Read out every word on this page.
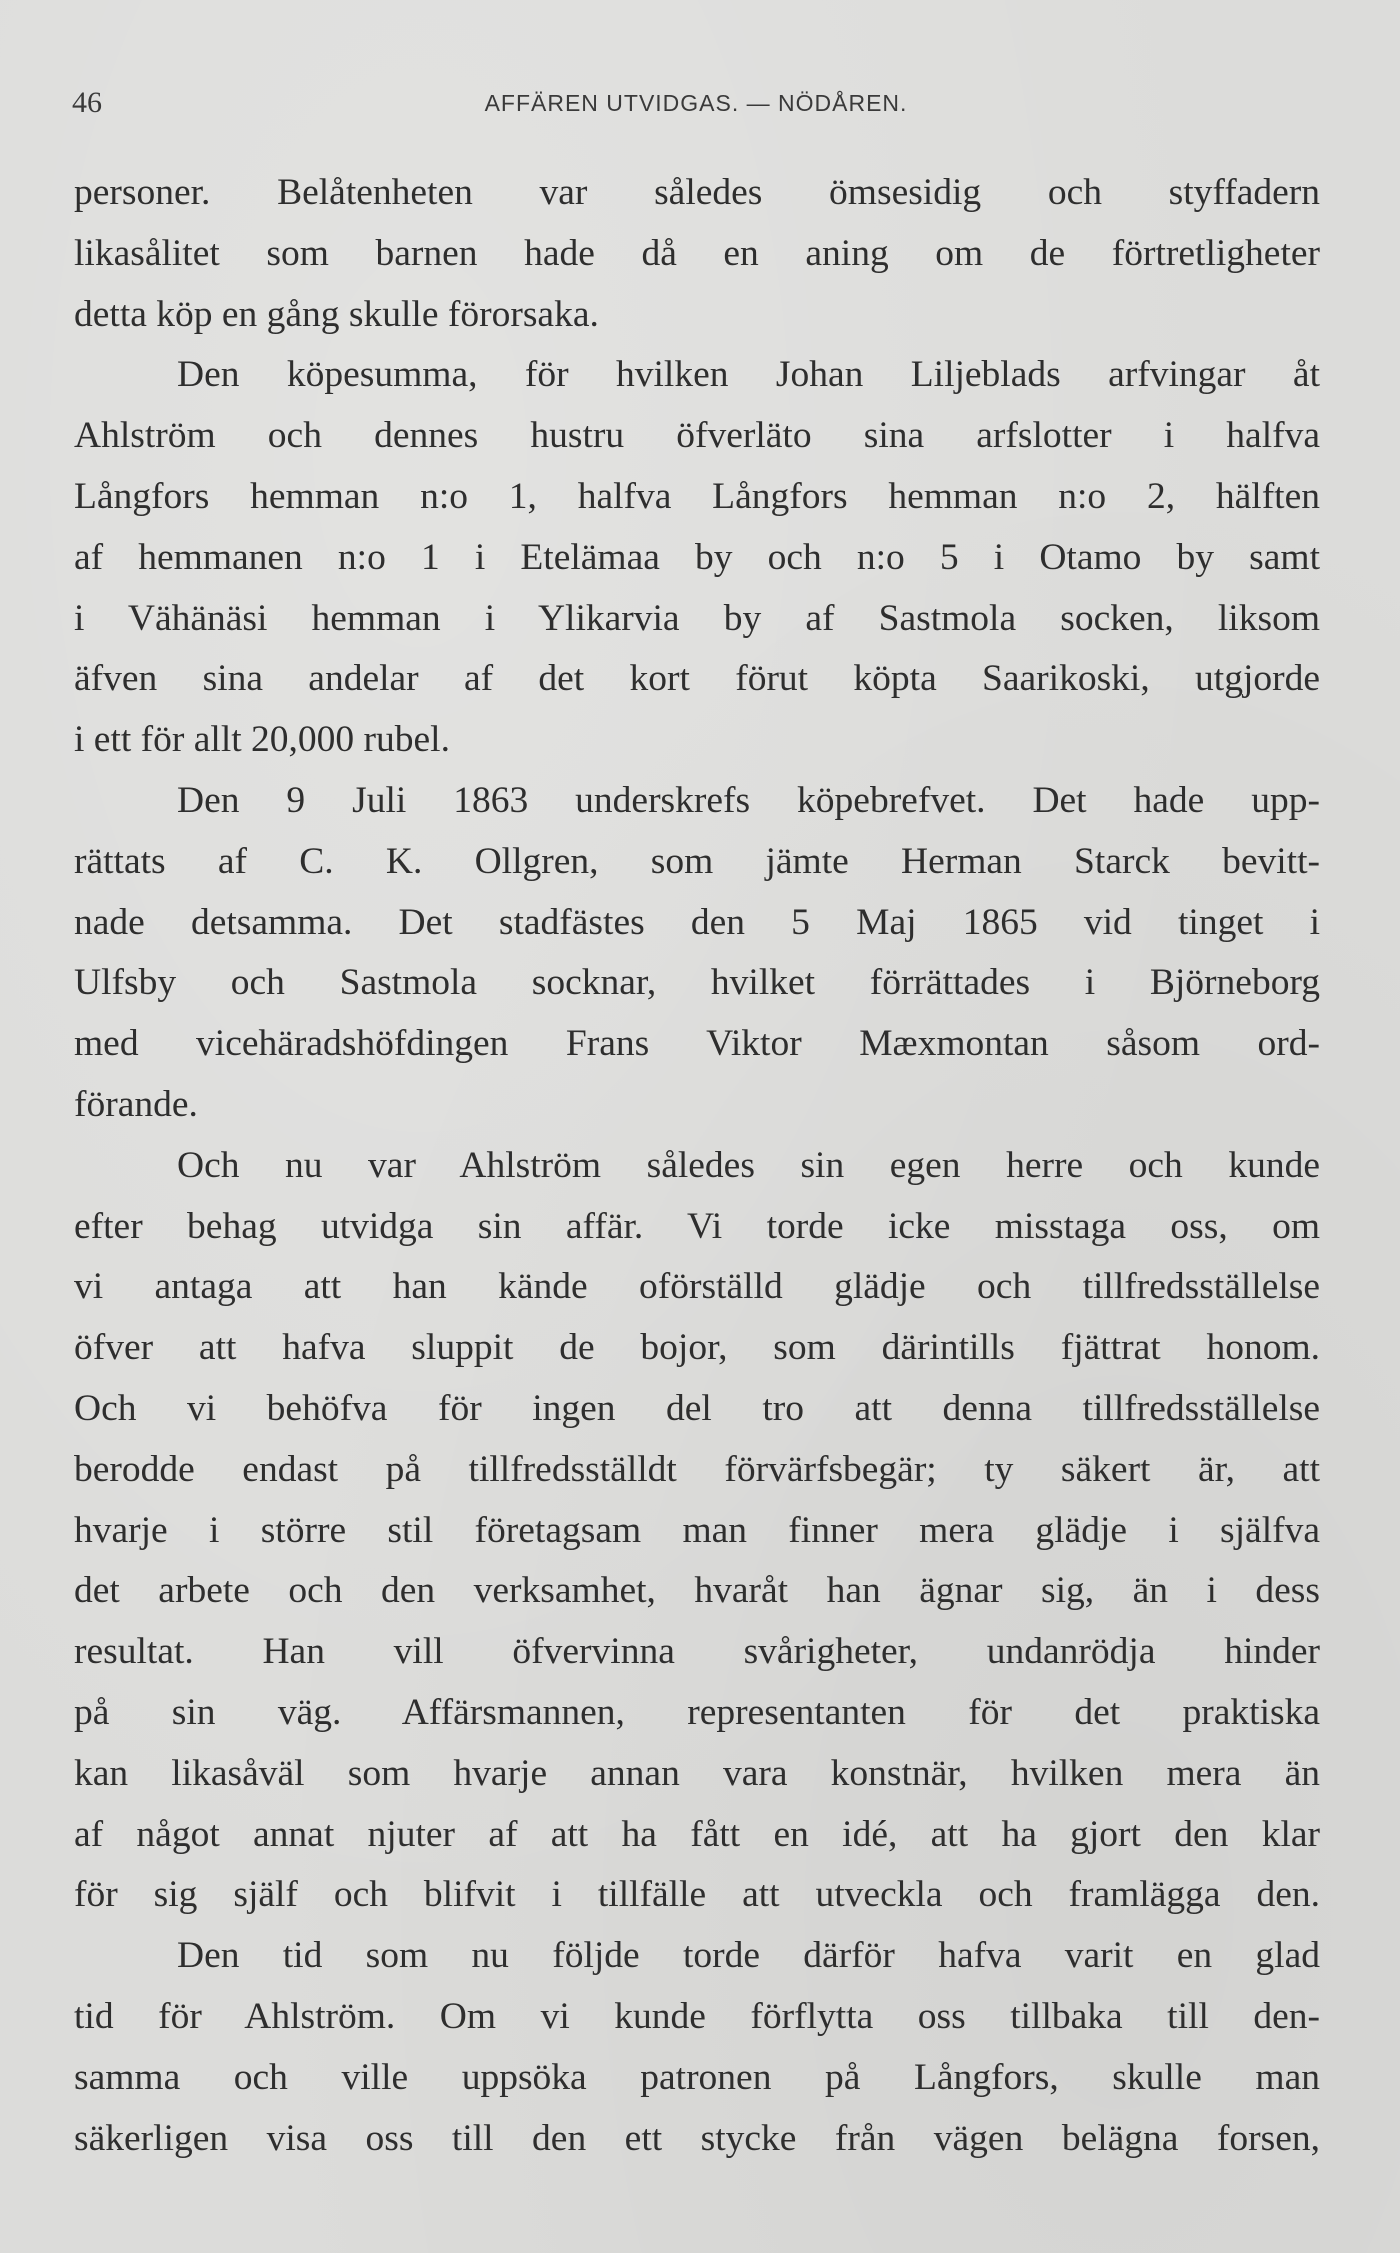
46	AFFÄREN UTVIDGAS. — NÖDÅREN.
personer. Belåtenheten var således ömsesidig och styffadern
likasålitet som barnen hade då en aning om de förtretligheter
detta köp en gång skulle förorsaka.
Den köpesumma, för hvilken Johan Liljeblads arfvingar åt
Ahlström och dennes hustru öfverläto sina arfslotter i halfva
Långfors hemman n:o 1, halfva Långfors hemman n:o 2, hälften
af hemmanen n:o 1 i Etelämaa by och n:o 5 i Otamo by samt
i Vähänäsi hemman i Ylikarvia by af Sastmola socken, liksom
äfven sina andelar af det kort förut köpta Saarikoski, utgjorde
i ett för allt 20,000 rubel.
Den 9 Juli 1863 underskrefs köpebrefvet. Det hade upp-
rättats af C. K. Ollgren, som jämte Herman Starck bevitt-
nade detsamma. Det stadfästes den 5 Maj 1865 vid tinget i
Ulfsby och Sastmola socknar, hvilket förrättades i Björneborg
med vicehäradshöfdingen Frans Viktor Mæxmontan såsom ord-
förande.
Och nu var Ahlström således sin egen herre och kunde
efter behag utvidga sin affär. Vi torde icke misstaga oss, om
vi antaga att han kände oförställd glädje och tillfredsställelse
öfver att hafva sluppit de bojor, som därintills fjättrat honom.
Och vi behöfva för ingen del tro att denna tillfredsställelse
berodde endast på tillfredsställdt förvärfsbegär; ty säkert är, att
hvarje i större stil företagsam man finner mera glädje i själfva
det arbete och den verksamhet, hvaråt han ägnar sig, än i dess
resultat. Han vill öfvervinna svårigheter, undanrödja hinder
på sin väg. Affärsmannen, representanten för det praktiska
kan likasåväl som hvarje annan vara konstnär, hvilken mera än
af något annat njuter af att ha fått en idé, att ha gjort den klar
för sig själf och blifvit i tillfälle att utveckla och framlägga den.
Den tid som nu följde torde därför hafva varit en glad
tid för Ahlström. Om vi kunde förflytta oss tillbaka till den-
samma och ville uppsöka patronen på Långfors, skulle man
säkerligen visa oss till den ett stycke från vägen belägna forsen,
